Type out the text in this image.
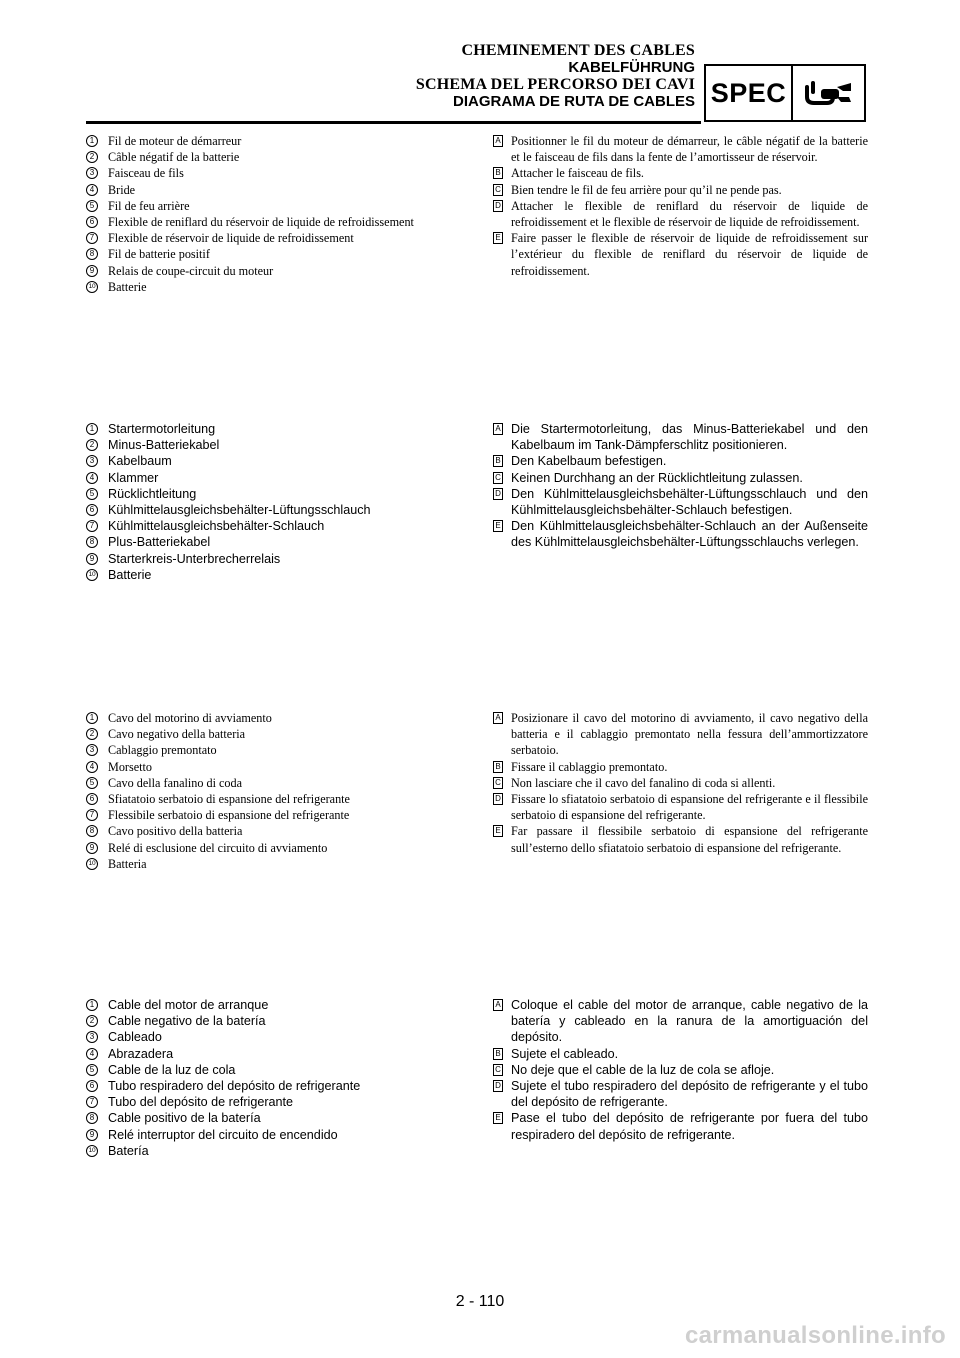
CHEMINEMENT DES CABLES
KABELFÜHRUNG
SCHEMA DEL PERCORSO DEI CAVI
DIAGRAMA DE RUTA DE CABLES SPEC
1	Fil de moteur de démarreur
2	Câble négatif de la batterie
3	Faisceau de fils
4	Bride
5	Fil de feu arrière
6	Flexible de reniflard du réservoir de liquide de refroidissement
7	Flexible de réservoir de liquide de refroidissement
8	Fil de batterie positif
9	Relais de coupe-circuit du moteur
10 Batterie
A Positionner le fil du moteur de démarreur, le câble négatif de la batterie et le faisceau de fils dans la fente de l’amortisseur de réservoir.
B Attacher le faisceau de fils.
C Bien tendre le fil de feu arrière pour qu’il ne pende pas.
D Attacher le flexible de reniflard du réservoir de liquide de refroidissement et le flexible de réservoir de liquide de refroidissement.
E Faire passer le flexible de réservoir de liquide de refroidissement sur l’extérieur du flexible de reniflard du réservoir de liquide de refroidissement.
1	Startermotorleitung
2	Minus-Batteriekabel
3	Kabelbaum
4	Klammer
5	Rücklichtleitung
6	Kühlmittelausgleichsbehälter-Lüftungsschlauch
7	Kühlmittelausgleichsbehälter-Schlauch
8	Plus-Batteriekabel
9	Starterkreis-Unterbrecherrelais
10 Batterie
A Die Startermotorleitung, das Minus-Batteriekabel und den Kabelbaum im Tank-Dämpferschlitz positionieren.
B Den Kabelbaum befestigen.
C Keinen Durchhang an der Rücklichtleitung zulassen.
D Den Kühlmittelausgleichsbehälter-Lüftungsschlauch und den Kühlmittelausgleichsbehälter-Schlauch befestigen.
E Den Kühlmittelausgleichsbehälter-Schlauch an der Außenseite des Kühlmittelausgleichsbehälter-Lüftungsschlauchs verlegen.
1	Cavo del motorino di avviamento
2	Cavo negativo della batteria
3	Cablaggio premontato
4	Morsetto
5	Cavo della fanalino di coda
6	Sfiatatoio serbatoio di espansione del refrigerante
7	Flessibile serbatoio di espansione del refrigerante
8	Cavo positivo della batteria
9	Relé di esclusione del circuito di avviamento
10 Batteria
A Posizionare il cavo del motorino di avviamento, il cavo negativo della batteria e il cablaggio premontato nella fessura dell’ammortizzatore serbatoio.
B Fissare il cablaggio premontato.
C Non lasciare che il cavo del fanalino di coda si allenti.
D Fissare lo sfiatatoio serbatoio di espansione del refrigerante e il flessibile serbatoio di espansione del refrigerante.
E Far passare il flessibile serbatoio di espansione del refrigerante sull’esterno dello sfiatatoio serbatoio di espansione del refrigerante.
1	Cable del motor de arranque
2	Cable negativo de la batería
3	Cableado
4	Abrazadera
5	Cable de la luz de cola
6	Tubo respiradero del depósito de refrigerante
7	Tubo del depósito de refrigerante
8	Cable positivo de la batería
9	Relé interruptor del circuito de encendido
10 Batería
A Coloque el cable del motor de arranque, cable negativo de la batería y cableado en la ranura de la amortiguación del depósito.
B Sujete el cableado.
C No deje que el cable de la luz de cola se afloje.
D Sujete el tubo respiradero del depósito de refrigerante y el tubo del depósito de refrigerante.
E Pase el tubo del depósito de refrigerante por fuera del tubo respiradero del depósito de refrigerante.
2 - 110
carmanualsonline.info
